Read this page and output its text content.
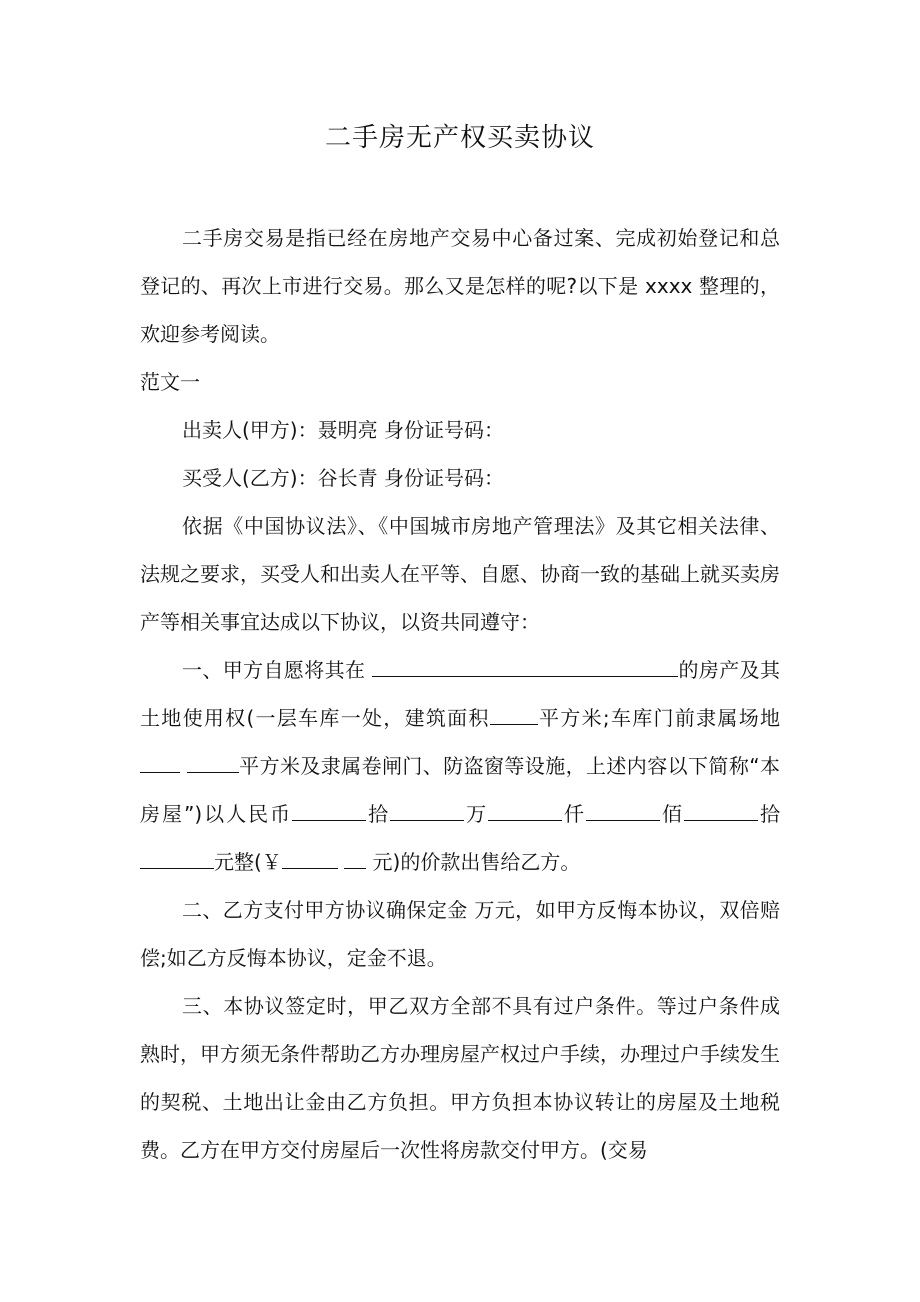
二手房无产权买卖协议

二手房交易是指已经在房地产交易中心备过案、完成初始登记和总登记的、再次上市进行交易。那么又是怎样的呢?以下是 xxxx 整理的，欢迎参考阅读。

范文一

出卖人(甲方)：聂明亮 身份证号码：

买受人(乙方)：谷长青 身份证号码：

依据《中国协议法》、《中国城市房地产管理法》及其它相关法律、法规之要求，买受人和出卖人在平等、自愿、协商一致的基础上就买卖房产等相关事宜达成以下协议，以资共同遵守：

一、甲方自愿将其在	的房产及其土地使用权(一层车库一处，建筑面积 平方米;车库门前隶属场地 平方米及隶属卷闸门、防盗窗等设施，上述内容以下简称“本房屋”)以人民币	拾	万	仟	佰	拾元整(￥	元)的价款出售给乙方。

二、乙方支付甲方协议确保定金 万元，如甲方反悔本协议，双倍赔偿;如乙方反悔本协议，定金不退。

三、本协议签定时，甲乙双方全部不具有过户条件。等过户条件成熟时，甲方须无条件帮助乙方办理房屋产权过户手续，办理过户手续发生的契税、土地出让金由乙方负担。甲方负担本协议转让的房屋及土地税费。乙方在甲方交付房屋后一次性将房款交付甲方。(交易
